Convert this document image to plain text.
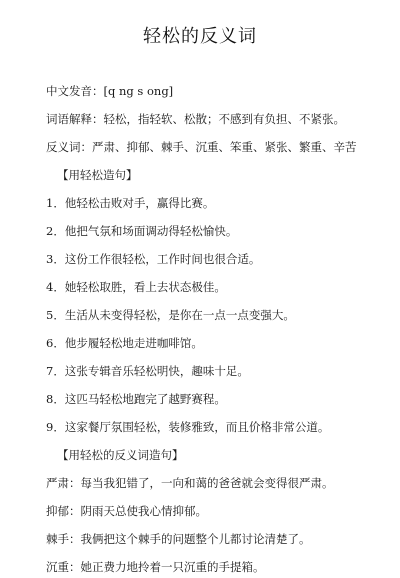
轻松的反义词
中文发音：[q ng s ong]
词语解释：轻松，指轻软、松散；不感到有负担、不紧张。
反义词：严肃、抑郁、棘手、沉重、笨重、紧张、繁重、辛苦
【用轻松造句】
1．他轻松击败对手，赢得比赛。
2．他把气氛和场面调动得轻松愉快。
3．这份工作很轻松，工作时间也很合适。
4．她轻松取胜，看上去状态极佳。
5．生活从未变得轻松，是你在一点一点变强大。
6．他步履轻松地走进咖啡馆。
7．这张专辑音乐轻松明快，趣味十足。
8．这匹马轻松地跑完了越野赛程。
9．这家餐厅氛围轻松，装修雅致，而且价格非常公道。
【用轻松的反义词造句】
严肃：每当我犯错了，一向和蔼的爸爸就会变得很严肃。
抑郁：阴雨天总使我心情抑郁。
棘手：我俩把这个棘手的问题整个儿都讨论清楚了。
沉重：她正费力地拎着一只沉重的手提箱。
